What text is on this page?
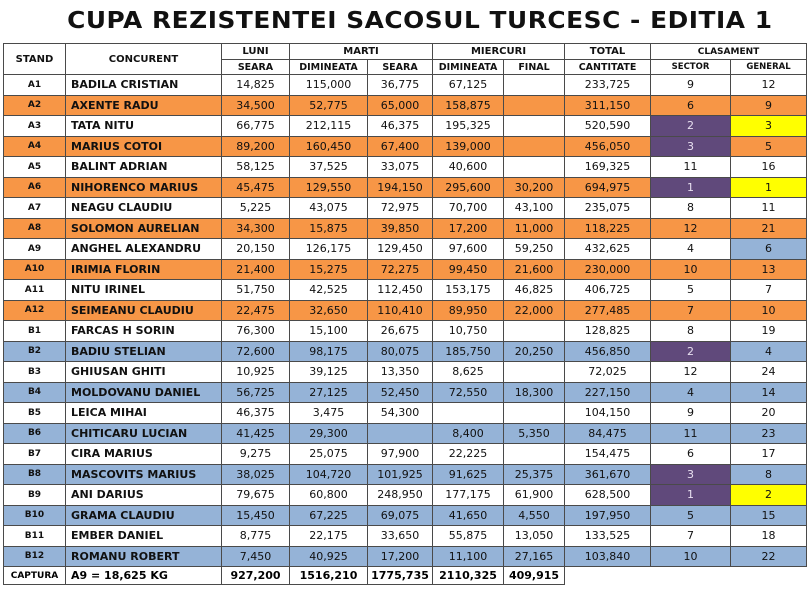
CUPA REZISTENTEI SACOSUL TURCESC - EDITIA 1
STAND	CONCURENT	LUNI	MARTI		MIERCURI		TOTAL	CLASAMENT	
		SEARA	DIMINEATA	SEARA	DIMINEATA	FINAL	CANTITATE	SECTOR	GENERAL
A1	BADILA CRISTIAN	14,825	115,000	36,775	67,125		233,725	9	12
A2	AXENTE RADU	34,500	52,775	65,000	158,875		311,150	6	9
A3	TATA NITU	66,775	212,115	46,375	195,325		520,590	2	3
A4	MARIUS COTOI	89,200	160,450	67,400	139,000		456,050	3	5
A5	BALINT ADRIAN	58,125	37,525	33,075	40,600		169,325	11	16
A6	NIHORENCO MARIUS	45,475	129,550	194,150	295,600	30,200	694,975	1	1
A7	NEAGU CLAUDIU	5,225	43,075	72,975	70,700	43,100	235,075	8	11
A8	SOLOMON AURELIAN	34,300	15,875	39,850	17,200	11,000	118,225	12	21
A9	ANGHEL ALEXANDRU	20,150	126,175	129,450	97,600	59,250	432,625	4	6
A10	IRIMIA FLORIN	21,400	15,275	72,275	99,450	21,600	230,000	10	13
A11	NITU IRINEL	51,750	42,525	112,450	153,175	46,825	406,725	5	7
A12	SEIMEANU CLAUDIU	22,475	32,650	110,410	89,950	22,000	277,485	7	10
B1	FARCAS H SORIN	76,300	15,100	26,675	10,750		128,825	8	19
B2	BADIU STELIAN	72,600	98,175	80,075	185,750	20,250	456,850	2	4
B3	GHIUSAN GHITI	10,925	39,125	13,350	8,625		72,025	12	24
B4	MOLDOVANU DANIEL	56,725	27,125	52,450	72,550	18,300	227,150	4	14
B5	LEICA MIHAI	46,375	3,475	54,300			104,150	9	20
B6	CHITICARU LUCIAN	41,425	29,300		8,400	5,350	84,475	11	23
B7	CIRA MARIUS	9,275	25,075	97,900	22,225		154,475	6	17
B8	MASCOVITS MARIUS	38,025	104,720	101,925	91,625	25,375	361,670	3	8
B9	ANI DARIUS	79,675	60,800	248,950	177,175	61,900	628,500	1	2
B10	GRAMA CLAUDIU	15,450	67,225	69,075	41,650	4,550	197,950	5	15
B11	EMBER DANIEL	8,775	22,175	33,650	55,875	13,050	133,525	7	18
B12	ROMANU ROBERT	7,450	40,925	17,200	11,100	27,165	103,840	10	22
CAPTURA	A9 = 18,625 KG	927,200	1516,210	1775,735	2110,325	409,915			
